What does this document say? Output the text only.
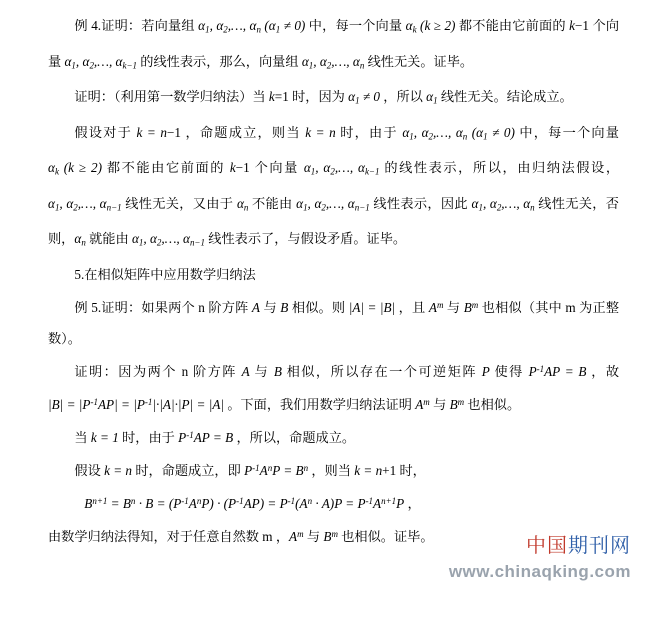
例 4.证明：若向量组 $\alpha_1$, $\alpha_2,\dots$, $\alpha_n$ $(\alpha_1 \ne 0)$ 中，每一个向量 $\alpha_k$ (k ≥ 2) 都不能由它前面的 k−1 个向量 $\alpha_1$, $\alpha_2,\dots$, $\alpha_{k-1}$ 的线性表示，那么，向量组 $\alpha_1$, $\alpha_2,\dots$, $\alpha_n$ 线性无关。证毕。

证明：（利用第一数学归纳法）当 k=1 时，因为 $\alpha_1 \ne 0$ ，所以 $\alpha_1$ 线性无关。结论成立。

假设对于 k = n−1 ，命题成立，则当 k = n 时，由于 $\alpha_1$, $\alpha_2,\dots$, $\alpha_n$ $(\alpha_1 \ne 0)$ 中，每一个向量 $\alpha_k$ (k ≥ 2) 都不能由它前面的 k−1 个向量 $\alpha_1$, $\alpha_2,\dots$, $\alpha_{k-1}$ 的线性表示，所以，由归纳法假设，$\alpha_1$, $\alpha_2,\dots$, $\alpha_{n-1}$ 线性无关，又由于 $\alpha_n$ 不能由 $\alpha_1$, $\alpha_2,\dots$, $\alpha_{n-1}$ 线性表示，因此 $\alpha_1$, $\alpha_2,\dots$, $\alpha_n$ 线性无关，否则，$\alpha_n$ 就能由 $\alpha_1$, $\alpha_2,\dots$, $\alpha_{n-1}$ 线性表示了，与假设矛盾。证毕。

5.在相似矩阵中应用数学归纳法

例 5.证明：如果两个 n 阶方阵 A 与 B 相似。则 |A| = |B| ，且 $A^m$ 与 $B^m$ 也相似（其中 m 为正整数）。

证明：因为两个 n 阶方阵 A 与 B 相似，所以存在一个可逆矩阵 P 使得 $P^{-1}AP = B$ ，故 $|B| = |P^{-1}AP| = |P^{-1}|\cdot|A|\cdot|P| = |A|$ 。下面，我们用数学归纳法证明 $A^m$ 与 $B^m$ 也相似。

当 k = 1 时，由于 $P^{-1}AP = B$ ，所以，命题成立。

假设 k = n 时，命题成立，即 $P^{-1}A^nP = B^n$ ，则当 k = n+1 时，

$B^{n+1} = B^n \cdot B = (P^{-1}A^nP) \cdot (P^{-1}AP) = P^{-1}(A^n \cdot A)P = P^{-1}A^{n+1}P$ ，

由数学归纳法得知，对于任意自然数 m ，$A^m$ 与 $B^m$ 也相似。证毕。	中国期刊网
www.chinaqking.com
